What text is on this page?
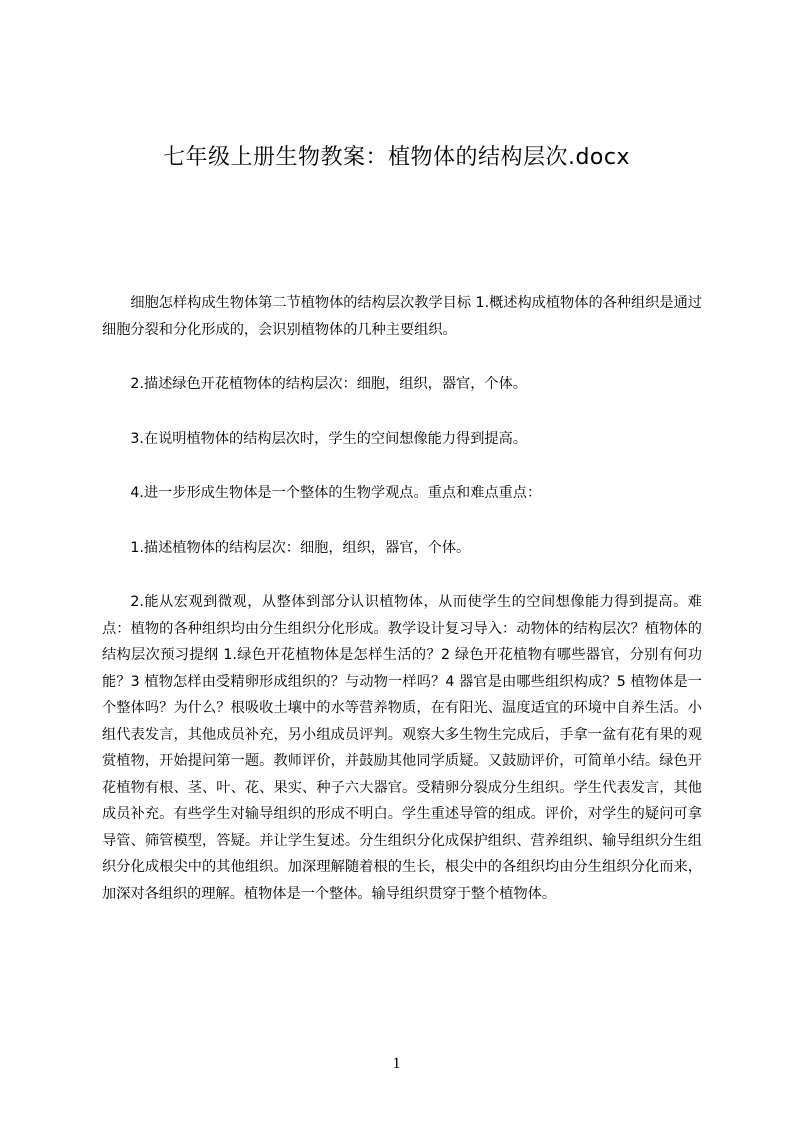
七年级上册生物教案：植物体的结构层次.docx

细胞怎样构成生物体第二节植物体的结构层次教学目标 1.概述构成植物体的各种组织是通过细胞分裂和分化形成的，会识别植物体的几种主要组织。

2.描述绿色开花植物体的结构层次：细胞，组织，器官，个体。

3.在说明植物体的结构层次时，学生的空间想像能力得到提高。

4.进一步形成生物体是一个整体的生物学观点。重点和难点重点：

1.描述植物体的结构层次：细胞，组织，器官，个体。

2.能从宏观到微观，从整体到部分认识植物体，从而使学生的空间想像能力得到提高。难点：植物的各种组织均由分生组织分化形成。教学设计复习导入：动物体的结构层次？植物体的结构层次预习提纲 1.绿色开花植物体是怎样生活的？2 绿色开花植物有哪些器官，分别有何功能？3 植物怎样由受精卵形成组织的？与动物一样吗？4 器官是由哪些组织构成？5 植物体是一个整体吗？为什么？根吸收土壤中的水等营养物质，在有阳光、温度适宜的环境中自养生活。小组代表发言，其他成员补充，另小组成员评判。观察大多生物生完成后，手拿一盆有花有果的观赏植物，开始提问第一题。教师评价，并鼓励其他同学质疑。又鼓励评价，可简单小结。绿色开花植物有根、茎、叶、花、果实、种子六大器官。受精卵分裂成分生组织。学生代表发言，其他成员补充。有些学生对输导组织的形成不明白。学生重述导管的组成。评价，对学生的疑问可拿导管、筛管模型，答疑。并让学生复述。分生组织分化成保护组织、营养组织、输导组织分生组织分化成根尖中的其他组织。加深理解随着根的生长，根尖中的各组织均由分生组织分化而来，加深对各组织的理解。植物体是一个整体。输导组织贯穿于整个植物体。

1
